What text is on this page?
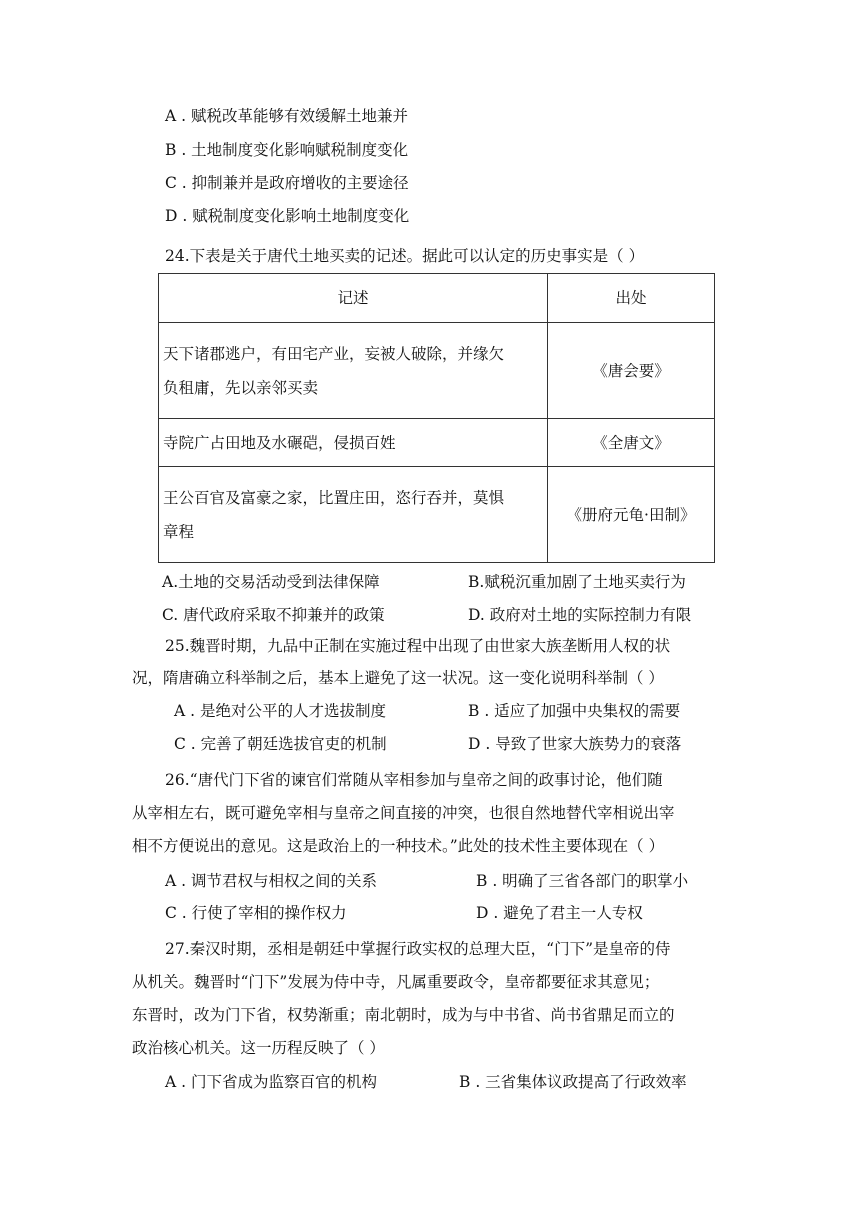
A . 赋税改革能够有效缓解土地兼并
B . 土地制度变化影响赋税制度变化
C . 抑制兼并是政府增收的主要途径
D . 赋税制度变化影响土地制度变化
24.下表是关于唐代土地买卖的记述。据此可以认定的历史事实是（ ）
记述	出处

天下诸郡逃户，有田宅产业，妄被人破除，并缘欠
负租庸，先以亲邻买卖	《唐会要》

寺院广占田地及水碾硙，侵损百姓	《全唐文》

王公百官及富豪之家，比置庄田，恣行吞并，莫惧
章程	《册府元龟·田制》
A.土地的交易活动受到法律保障	B.赋税沉重加剧了土地买卖行为
C. 唐代政府采取不抑兼并的政策	D. 政府对土地的实际控制力有限
25.魏晋时期，九品中正制在实施过程中出现了由世家大族垄断用人权的状
况，隋唐确立科举制之后，基本上避免了这一状况。这一变化说明科举制（ ）
A . 是绝对公平的人才选拔制度	B . 适应了加强中央集权的需要
C . 完善了朝廷选拔官吏的机制	D . 导致了世家大族势力的衰落
26.“唐代门下省的谏官们常随从宰相参加与皇帝之间的政事讨论，他们随
从宰相左右，既可避免宰相与皇帝之间直接的冲突，也很自然地替代宰相说出宰
相不方便说出的意见。这是政治上的一种技术。”此处的技术性主要体现在（ ）
A . 调节君权与相权之间的关系	B . 明确了三省各部门的职掌小
C . 行使了宰相的操作权力	D . 避免了君主一人专权
27.秦汉时期，丞相是朝廷中掌握行政实权的总理大臣，“门下”是皇帝的侍
从机关。魏晋时“门下”发展为侍中寺，凡属重要政令，皇帝都要征求其意见；
东晋时，改为门下省，权势渐重；南北朝时，成为与中书省、尚书省鼎足而立的
政治核心机关。这一历程反映了（ ）
A . 门下省成为监察百官的机构	B . 三省集体议政提高了行政效率
